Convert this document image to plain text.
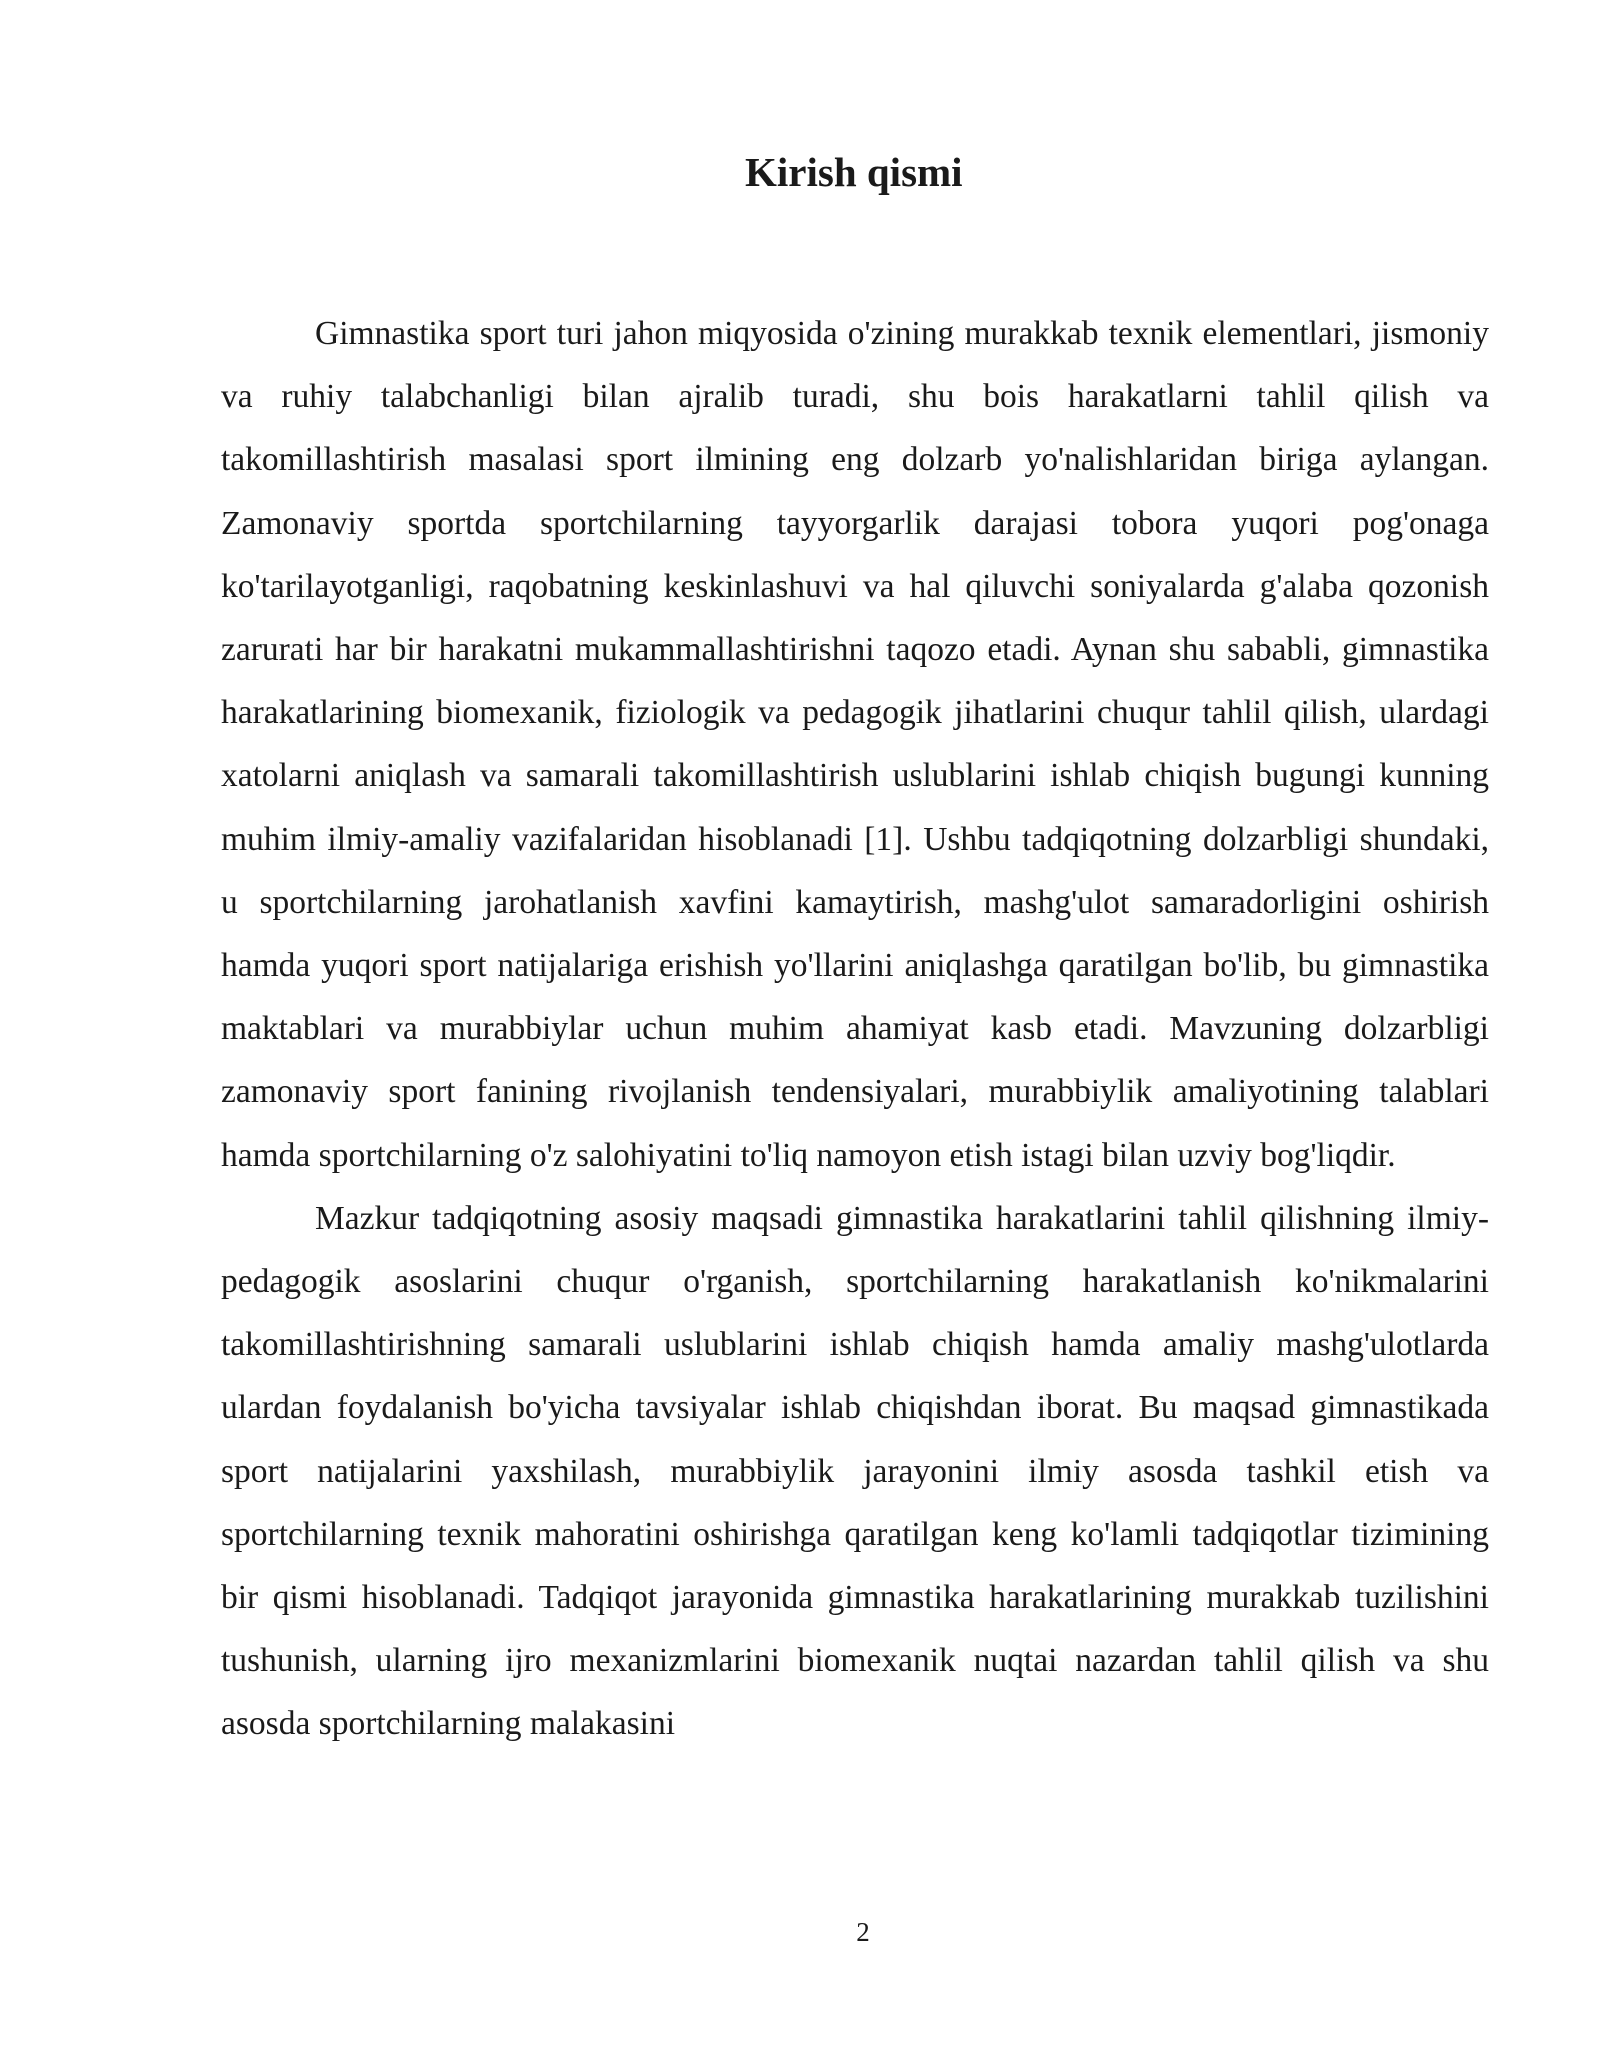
Kirish qismi

Gimnastika sport turi jahon miqyosida o'zining murakkab texnik elementlari, jismoniy va ruhiy talabchanligi bilan ajralib turadi, shu bois harakatlarni tahlil qilish va takomillashtirish masalasi sport ilmining eng dolzarb yo'nalishlaridan biriga aylangan. Zamonaviy sportda sportchilarning tayyorgarlik darajasi tobora yuqori pog'onaga ko'tarilayotganligi, raqobatning keskinlashuvi va hal qiluvchi soniyalarda g'alaba qozonish zarurati har bir harakatni mukammallashtirishni taqozo etadi. Aynan shu sababli, gimnastika harakatlarining biomexanik, fiziologik va pedagogik jihatlarini chuqur tahlil qilish, ulardagi xatolarni aniqlash va samarali takomillashtirish uslublarini ishlab chiqish bugungi kunning muhim ilmiy-amaliy vazifalaridan hisoblanadi [1]. Ushbu tadqiqotning dolzarbligi shundaki, u sportchilarning jarohatlanish xavfini kamaytirish, mashg'ulot samaradorligini oshirish hamda yuqori sport natijalariga erishish yo'llarini aniqlashga qaratilgan bo'lib, bu gimnastika maktablari va murabbiylar uchun muhim ahamiyat kasb etadi. Mavzuning dolzarbligi zamonaviy sport fanining rivojlanish tendensiyalari, murabbiylik amaliyotining talablari hamda sportchilarning o'z salohiyatini to'liq namoyon etish istagi bilan uzviy bog'liqdir.

Mazkur tadqiqotning asosiy maqsadi gimnastika harakatlarini tahlil qilishning ilmiy-pedagogik asoslarini chuqur o'rganish, sportchilarning harakatlanish ko'nikmalarini takomillashtirishning samarali uslublarini ishlab chiqish hamda amaliy mashg'ulotlarda ulardan foydalanish bo'yicha tavsiyalar ishlab chiqishdan iborat. Bu maqsad gimnastikada sport natijalarini yaxshilash, murabbiylik jarayonini ilmiy asosda tashkil etish va sportchilarning texnik mahoratini oshirishga qaratilgan keng ko'lamli tadqiqotlar tizimining bir qismi hisoblanadi. Tadqiqot jarayonida gimnastika harakatlarining murakkab tuzilishini tushunish, ularning ijro mexanizmlarini biomexanik nuqtai nazardan tahlil qilish va shu asosda sportchilarning malakasini

2
